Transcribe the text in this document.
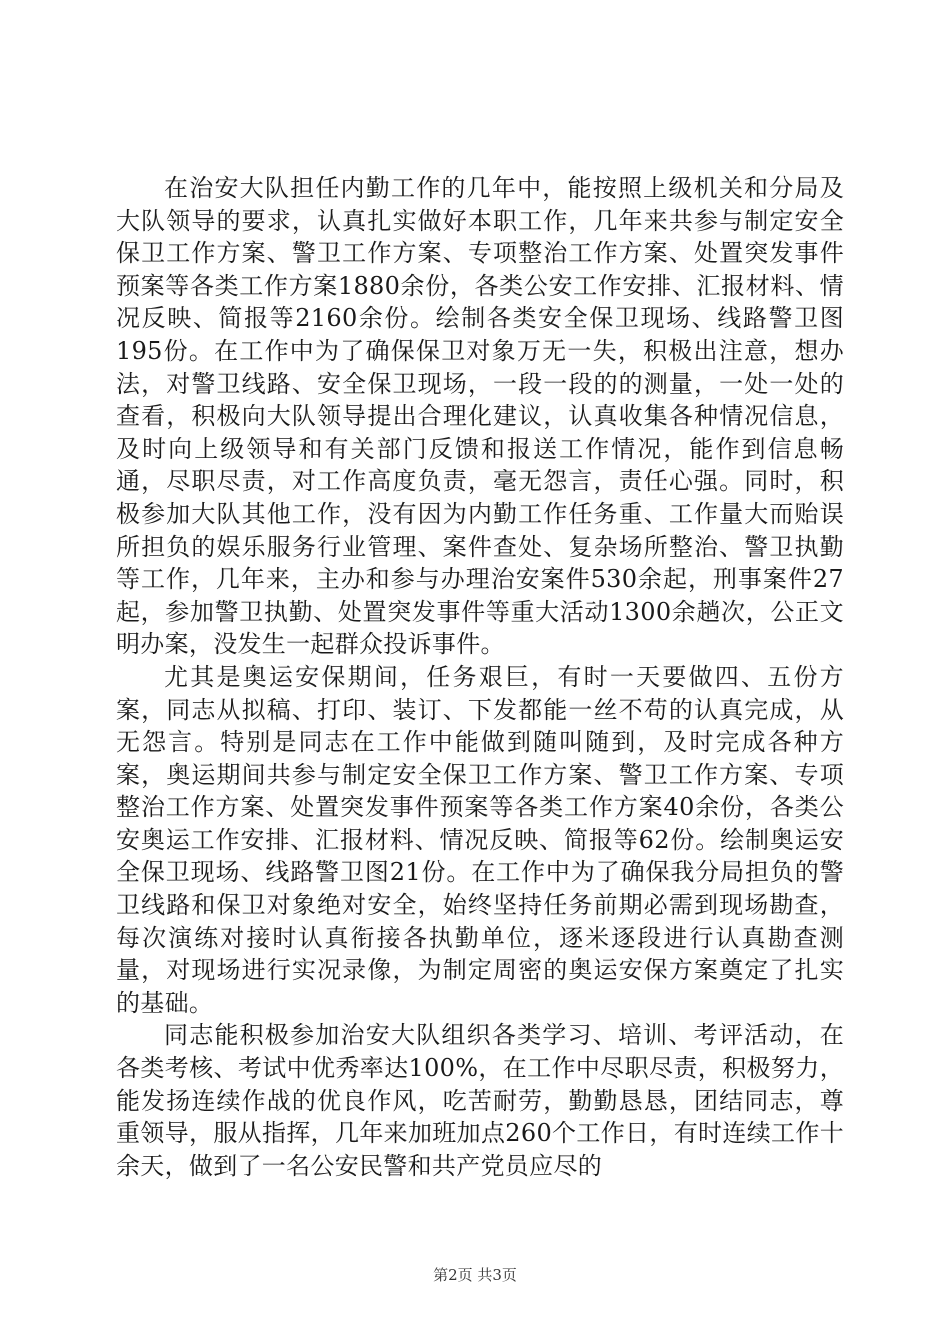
在治安大队担任内勤工作的几年中，能按照上级机关和分局及大队领导的要求，认真扎实做好本职工作，几年来共参与制定安全保卫工作方案、警卫工作方案、专项整治工作方案、处置突发事件预案等各类工作方案1880余份，各类公安工作安排、汇报材料、情况反映、简报等2160余份。绘制各类安全保卫现场、线路警卫图195份。在工作中为了确保保卫对象万无一失，积极出注意，想办法，对警卫线路、安全保卫现场，一段一段的的测量，一处一处的查看，积极向大队领导提出合理化建议，认真收集各种情况信息，及时向上级领导和有关部门反馈和报送工作情况，能作到信息畅通，尽职尽责，对工作高度负责，毫无怨言，责任心强。同时，积极参加大队其他工作，没有因为内勤工作任务重、工作量大而贻误所担负的娱乐服务行业管理、案件查处、复杂场所整治、警卫执勤等工作，几年来，主办和参与办理治安案件530余起，刑事案件27起，参加警卫执勤、处置突发事件等重大活动1300余趟次，公正文明办案，没发生一起群众投诉事件。

尤其是奥运安保期间，任务艰巨，有时一天要做四、五份方案，同志从拟稿、打印、装订、下发都能一丝不苟的认真完成，从无怨言。特别是同志在工作中能做到随叫随到，及时完成各种方案，奥运期间共参与制定安全保卫工作方案、警卫工作方案、专项整治工作方案、处置突发事件预案等各类工作方案40余份，各类公安奥运工作安排、汇报材料、情况反映、简报等62份。绘制奥运安全保卫现场、线路警卫图21份。在工作中为了确保我分局担负的警卫线路和保卫对象绝对安全，始终坚持任务前期必需到现场勘查，每次演练对接时认真衔接各执勤单位，逐米逐段进行认真勘查测量，对现场进行实况录像，为制定周密的奥运安保方案奠定了扎实的基础。

同志能积极参加治安大队组织各类学习、培训、考评活动，在各类考核、考试中优秀率达100%，在工作中尽职尽责，积极努力，能发扬连续作战的优良作风，吃苦耐劳，勤勤恳恳，团结同志，尊重领导，服从指挥，几年来加班加点260个工作日，有时连续工作十余天，做到了一名公安民警和共产党员应尽的

第2页 共3页
